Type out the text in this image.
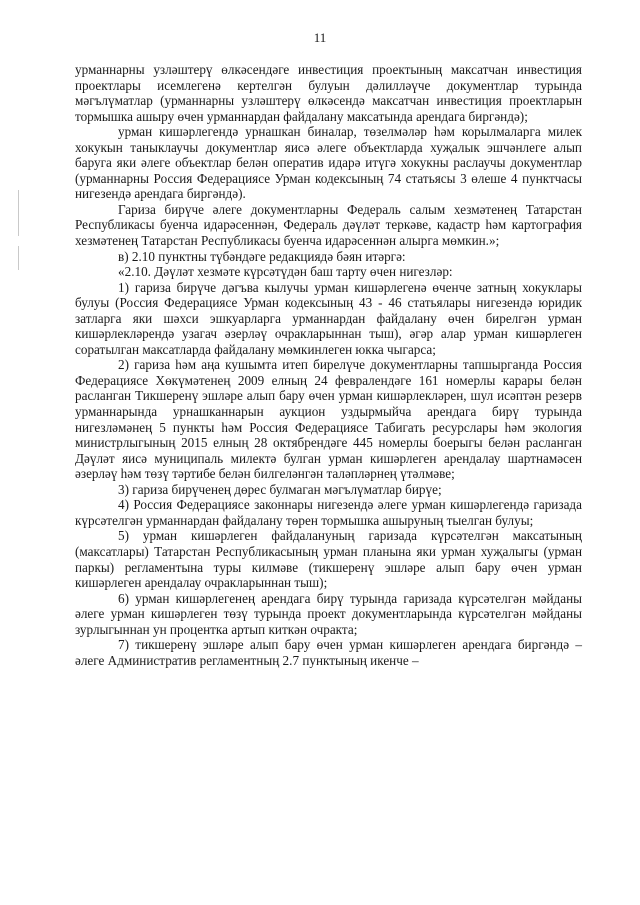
11

урманнарны узләштерү өлкәсендәге инвестиция проектының максатчан инвестиция проектлары исемлегенә кертелгән булуын дәлилләүче документлар турында мәгълүматлар (урманнарны узләштерү өлкәсендә максатчан инвестиция проектларын тормышка ашыру өчен урманнардан файдалану максатында арендага биргәндә);

урман кишәрлегендә урнашкан биналар, төзелмәләр һәм корылмаларга милек хокукын таныклаучы документлар яисә әлеге объектларда хуҗалык эшчәнлеге алып баруга яки әлеге объектлар белән оператив идарә итүгә хокукны раслаучы документлар (урманнарны Россия Федерациясе Урман кодексының 74 статьясы 3 өлеше 4 пунктчасы нигезендә арендага биргәндә).

Гариза бирүче әлеге документларны Федераль салым хезмәтенең Татарстан Республикасы буенча идарәсеннән, Федераль дәүләт теркәве, кадастр һәм картография хезмәтенең Татарстан Республикасы буенча идарәсеннән алырга мөмкин.»;

в) 2.10 пунктны түбәндәге редакциядә бәян итәргә:

«2.10. Дәүләт хезмәте күрсәтүдән баш тарту өчен нигезләр:

1) гариза бирүче дәгъва кылучы урман кишәрлегенә өченче затның хокуклары булуы (Россия Федерациясе Урман кодексының 43 - 46 статьялары нигезендә юридик затларга яки шәхси эшкуарларга урманнардан файдалану өчен бирелгән урман кишәрлекләрендә узагач әзерләү очракларыннан тыш), әгәр алар урман кишәрлеген соратылган максатларда файдалану мөмкинлеген юкка чыгарса;

2) гариза һәм аңа кушымта итеп бирелүче документларны тапшырганда Россия Федерациясе Хөкүмәтенең 2009 елның 24 февралендәге 161 номерлы карары белән расланган Тикшеренү эшләре алып бару өчен урман кишәрлекләрен, шул исәптән резерв урманнарында урнашканнарын аукцион уздырмыйча арендага бирү турында нигезләмәнең 5 пункты һәм Россия Федерациясе Табигать ресурслары һәм экология министрлыгының 2015 елның 28 октябрендәге 445 номерлы боерыгы белән расланган Дәүләт яисә муниципаль милектә булган урман кишәрлеген арендалау шартнамәсен әзерләү һәм төзү тәртибе белән билгеләнгән таләпләрнең үтәлмәве;

3) гариза бирүченең дөрес булмаган мәгълүматлар бирүе;

4) Россия Федерациясе законнары нигезендә әлеге урман кишәрлегендә гаризада күрсәтелгән урманнардан файдалану төрен тормышка ашыруның тыелган булуы;

5) урман кишәрлеген файдалануның гаризада күрсәтелгән максатының (максатлары) Татарстан Республикасының урман планына яки урман хуҗалыгы (урман паркы) регламентына туры килмәве (тикшеренү эшләре алып бару өчен урман кишәрлеген арендалау очракларыннан тыш);

6) урман кишәрлегенең арендага бирү турында гаризада күрсәтелгән мәйданы әлеге урман кишәрлеген төзү турында проект документларында күрсәтелгән мәйданы зурлыгыннан ун процентка артып киткән очракта;

7) тикшеренү эшләре алып бару өчен урман кишәрлеген арендага биргәндә – әлеге Административ регламентның 2.7 пунктының икенче –
